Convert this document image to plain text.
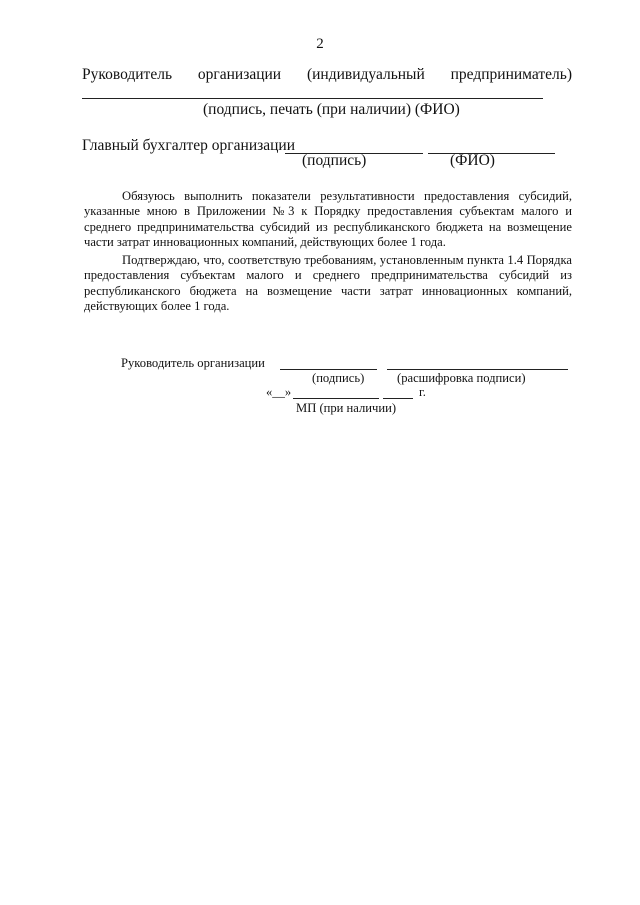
2
Руководитель организации (индивидуальный предприниматель)
(подпись, печать (при наличии) (ФИО)
Главный бухгалтер организации
(подпись)	(ФИО)

Обязуюсь выполнить показатели результативности предоставления субсидий, указанные мною в Приложении №3 к Порядку предоставления субъектам малого и среднего предпринимательства субсидий из республиканского бюджета на возмещение части затрат инновационных компаний, действующих более 1 года.

Подтверждаю, что, соответствую требованиям, установленным пункта 1.4 Порядка предоставления субъектам малого и среднего предпринимательства субсидий из республиканского бюджета на возмещение части затрат инновационных компаний, действующих более 1 года.

Руководитель организации
(подпись)	(расшифровка подписи)
«__»	г.
МП (при наличии)
